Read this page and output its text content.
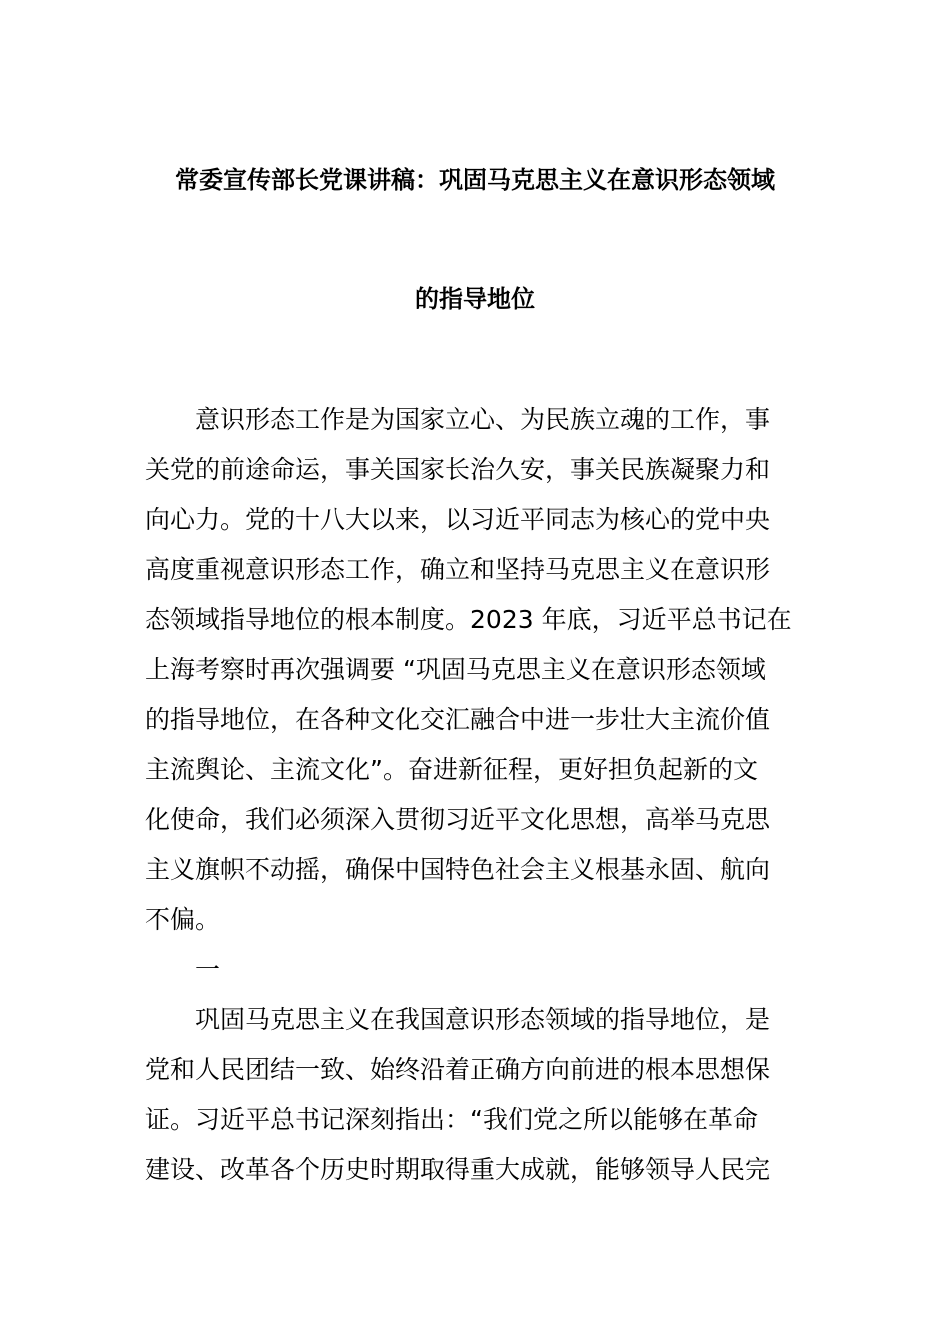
常委宣传部长党课讲稿：巩固马克思主义在意识形态领域
的指导地位
意识形态工作是为国家立心、为民族立魂的工作，事
关党的前途命运，事关国家长治久安，事关民族凝聚力和
向心力。党的十八大以来，以习近平同志为核心的党中央
高度重视意识形态工作，确立和坚持马克思主义在意识形
态领域指导地位的根本制度。2023 年底，习近平总书记在
上海考察时再次强调要 “巩固马克思主义在意识形态领域
的指导地位，在各种文化交汇融合中进一步壮大主流价值
主流舆论、主流文化”。奋进新征程，更好担负起新的文
化使命，我们必须深入贯彻习近平文化思想，高举马克思
主义旗帜不动摇，确保中国特色社会主义根基永固、航向
不偏。
一
巩固马克思主义在我国意识形态领域的指导地位，是
党和人民团结一致、始终沿着正确方向前进的根本思想保
证。习近平总书记深刻指出：“我们党之所以能够在革命
建设、改革各个历史时期取得重大成就，能够领导人民完
